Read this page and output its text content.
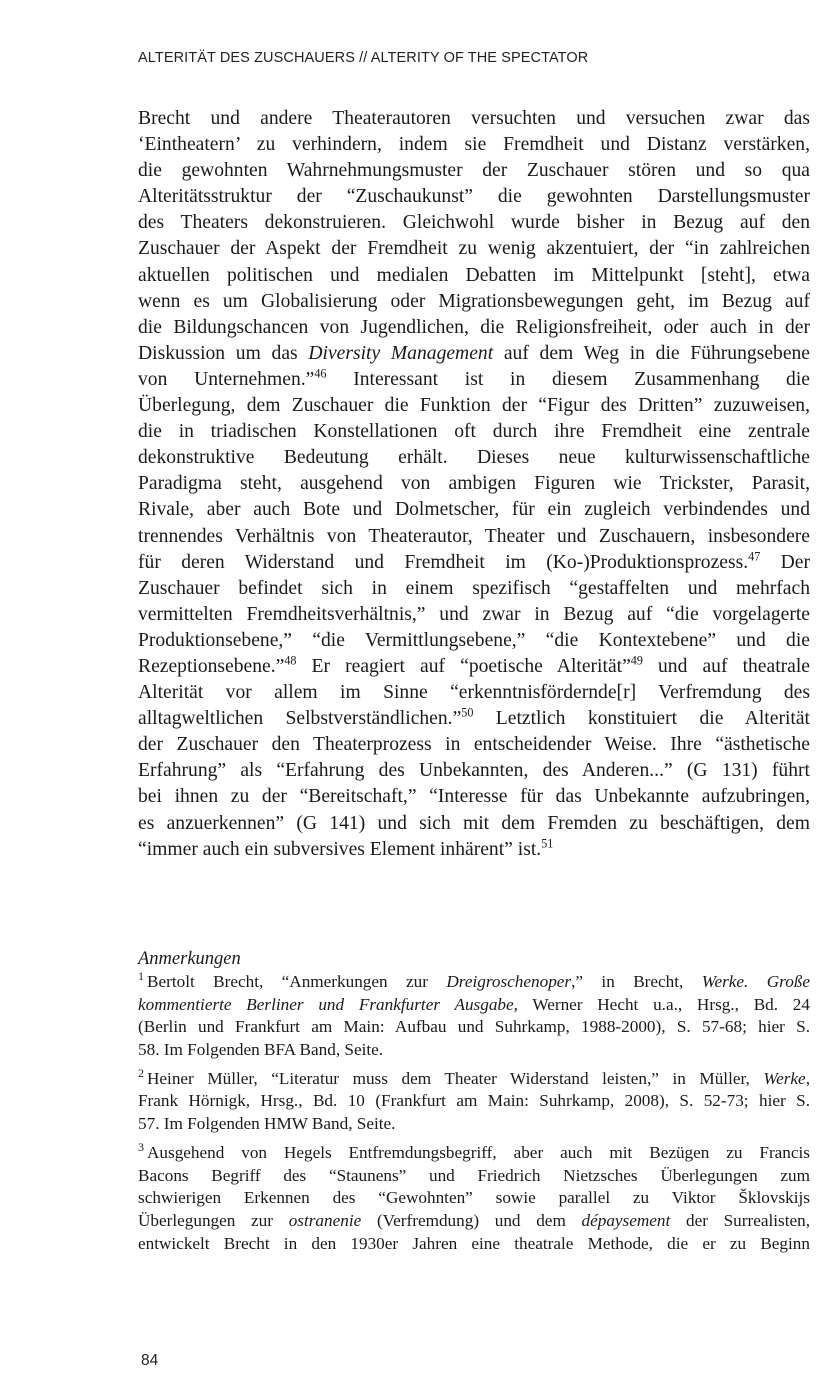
ALTERITÄT DES ZUSCHAUERS // ALTERITY OF THE SPECTATOR
Brecht und andere Theaterautoren versuchten und versuchen zwar das
‘Eintheatern’ zu verhindern, indem sie Fremdheit und Distanz verstärken,
die gewohnten Wahrnehmungsmuster der Zuschauer stören und so qua
Alteritätsstruktur der “Zuschaukunst” die gewohnten Darstellungsmuster
des Theaters dekonstruieren. Gleichwohl wurde bisher in Bezug auf den
Zuschauer der Aspekt der Fremdheit zu wenig akzentuiert, der “in zahlreichen
aktuellen politischen und medialen Debatten im Mittelpunkt [steht], etwa
wenn es um Globalisierung oder Migrationsbewegungen geht, im Bezug auf
die Bildungschancen von Jugendlichen, die Religionsfreiheit, oder auch in der
Diskussion um das Diversity Management auf dem Weg in die Führungsebene
von Unternehmen.”$^{46}$ Interessant ist in diesem Zusammenhang die
Überlegung, dem Zuschauer die Funktion der “Figur des Dritten” zuzuweisen,
die in triadischen Konstellationen oft durch ihre Fremdheit eine zentrale
dekonstruktive Bedeutung erhält. Dieses neue kulturwissenschaftliche
Paradigma steht, ausgehend von ambigen Figuren wie Trickster, Parasit,
Rivale, aber auch Bote und Dolmetscher, für ein zugleich verbindendes und
trennendes Verhältnis von Theaterautor, Theater und Zuschauern, insbesondere
für deren Widerstand und Fremdheit im (Ko-)Produktionsprozess.$^{47}$ Der
Zuschauer befindet sich in einem spezifisch “gestaffelten und mehrfach
vermittelten Fremdheitsverhältnis,” und zwar in Bezug auf “die vorgelagerte
Produktionsebene,” “die Vermittlungsebene,” “die Kontextebene” und die
Rezeptionsebene.”$^{48}$ Er reagiert auf “poetische Alterität”$^{49}$ und auf theatrale
Alterität vor allem im Sinne “erkenntnisfördernde[r] Verfremdung des
alltagweltlichen Selbstverständlichen.”$^{50}$ Letztlich konstituiert die Alterität
der Zuschauer den Theaterprozess in entscheidender Weise. Ihre “ästhetische
Erfahrung” als “Erfahrung des Unbekannten, des Anderen...” (G 131) führt
bei ihnen zu der “Bereitschaft,” “Interesse für das Unbekannte aufzubringen,
es anzuerkennen” (G 141) und sich mit dem Fremden zu beschäftigen, dem
“immer auch ein subversives Element inhärent” ist.$^{51}$
Anmerkungen
$^1$ Bertolt Brecht, “Anmerkungen zur Dreigroschenoper,” in Brecht, Werke. Große
kommentierte Berliner und Frankfurter Ausgabe, Werner Hecht u.a., Hrsg., Bd. 24
(Berlin und Frankfurt am Main: Aufbau und Suhrkamp, 1988-2000), S. 57-68; hier S.
58. Im Folgenden BFA Band, Seite.
$^2$ Heiner Müller, “Literatur muss dem Theater Widerstand leisten,” in Müller, Werke,
Frank Hörnigk, Hrsg., Bd. 10 (Frankfurt am Main: Suhrkamp, 2008), S. 52-73; hier S.
57. Im Folgenden HMW Band, Seite.
$^3$ Ausgehend von Hegels Entfremdungsbegriff, aber auch mit Bezügen zu Francis
Bacons Begriff des “Staunens” und Friedrich Nietzsches Überlegungen zum
schwierigen Erkennen des “Gewohnten” sowie parallel zu Viktor Šklovskijs
Überlegungen zur ostranenie (Verfremdung) und dem dépaysement der Surrealisten,
entwickelt Brecht in den 1930er Jahren eine theatrale Methode, die er zu Beginn
84
